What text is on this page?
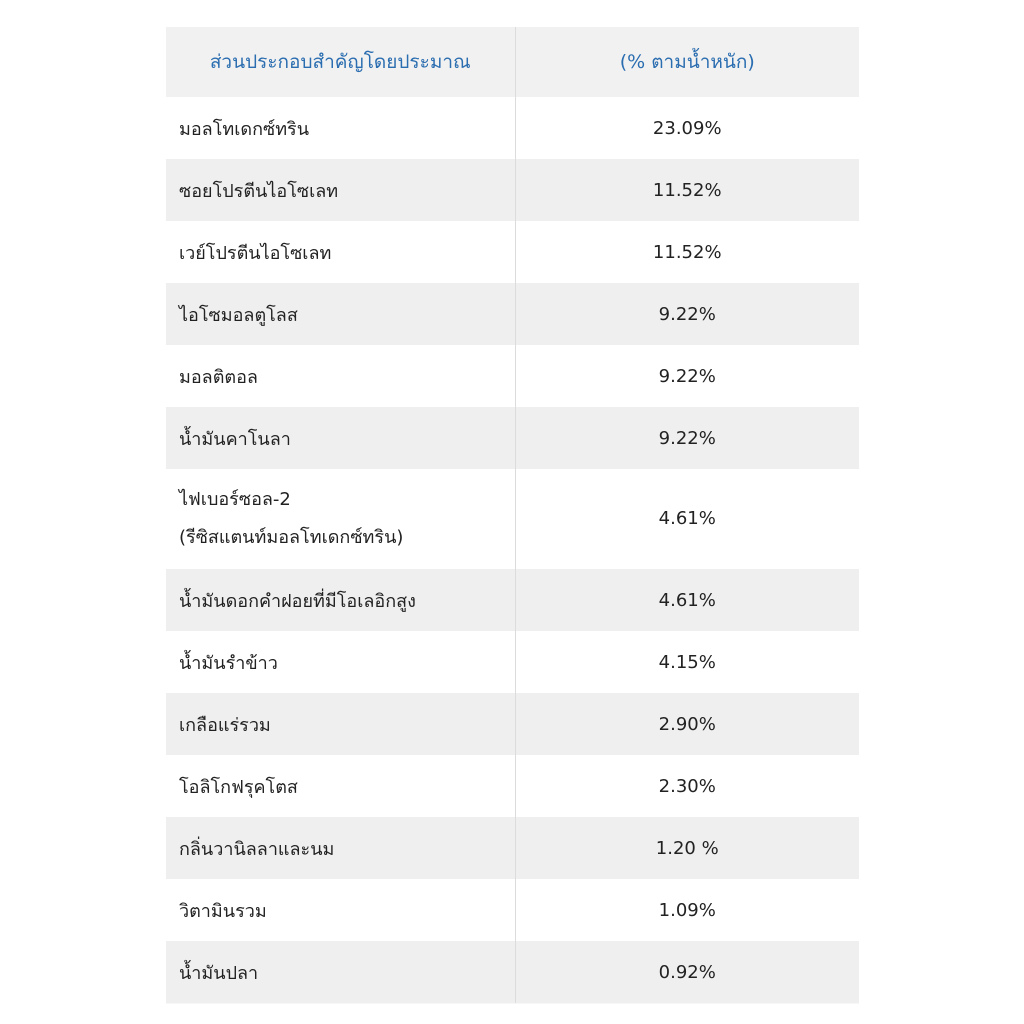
ส่วนประกอบสำคัญโดยประมาณ	(% ตามน้ำหนัก)
มอลโทเดกซ์ทริน	23.09%
ซอยโปรตีนไอโซเลท	11.52%
เวย์โปรตีนไอโซเลท	11.52%
ไอโซมอลตูโลส	9.22%
มอลติตอล	9.22%
น้ำมันคาโนลา	9.22%
ไฟเบอร์ซอล-2
(รีซิสแตนท์มอลโทเดกซ์ทริน)	4.61%
น้ำมันดอกคำฝอยที่มีโอเลอิกสูง	4.61%
น้ำมันรำข้าว	4.15%
เกลือแร่รวม	2.90%
โอลิโกฟรุคโตส	2.30%
กลิ่นวานิลลาและนม	1.20 %
วิตามินรวม	1.09%
น้ำมันปลา	0.92%
